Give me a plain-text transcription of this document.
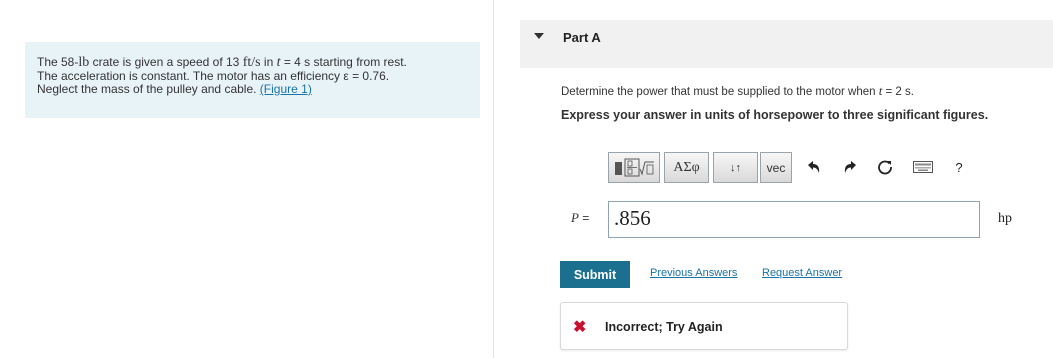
The 58-lb crate is given a speed of 13 ft/s in t = 4 s starting from rest.
The acceleration is constant. The motor has an efficiency ε = 0.76.
Neglect the mass of the pulley and cable. (Figure 1)
Part A
Determine the power that must be supplied to the motor when t = 2 s.
Express your answer in units of horsepower to three significant figures.
ΑΣφ	↓↑	vec	?
P = .856	hp
Submit	Previous Answers Request Answer
✖ Incorrect; Try Again
